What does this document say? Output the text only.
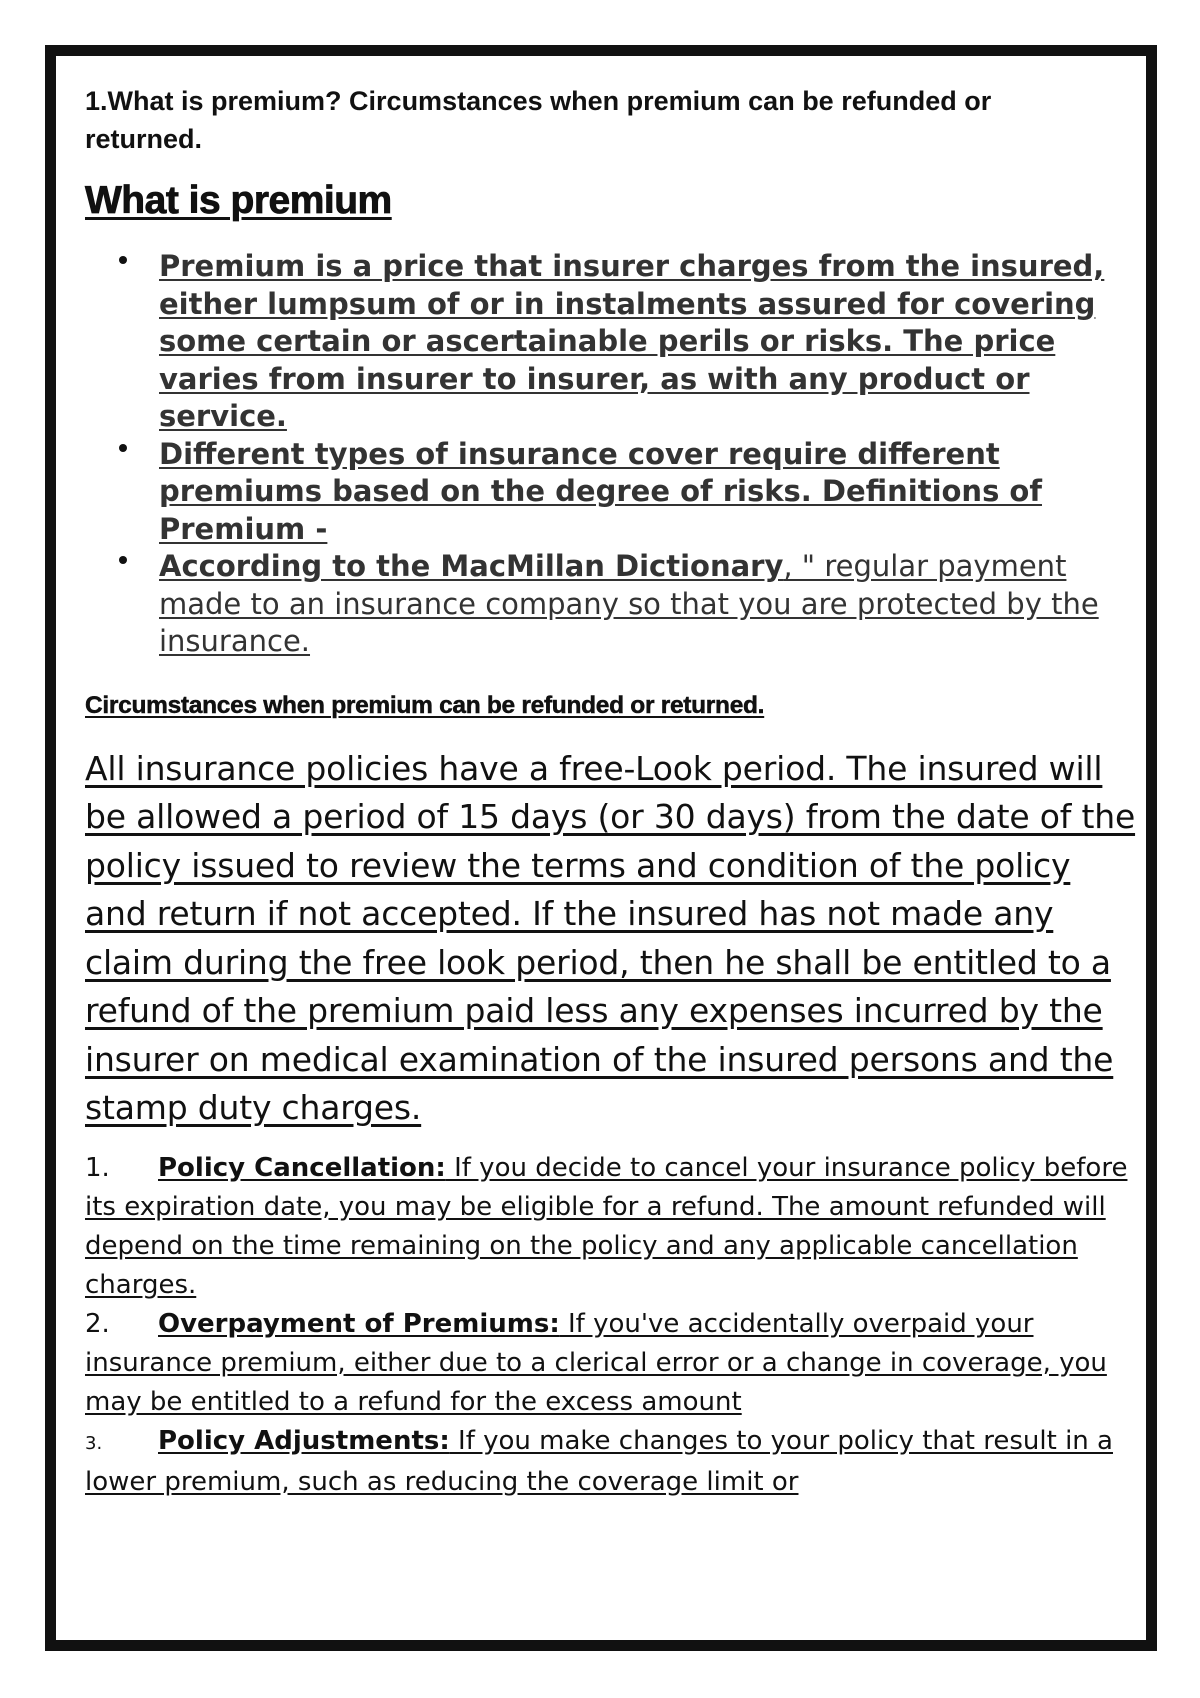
1.What is premium? Circumstances when premium can be refunded or returned.

What is premium
Premium is a price that insurer charges from the insured, either lumpsum of or in instalments assured for covering some certain or ascertainable perils or risks. The price varies from insurer to insurer, as with any product or service.
Different types of insurance cover require different premiums based on the degree of risks. Definitions of Premium -
According to the MacMillan Dictionary, " regular payment made to an insurance company so that you are protected by the insurance.
Circumstances when premium can be refunded or returned.

All insurance policies have a free-Look period. The insured will be allowed a period of 15 days (or 30 days) from the date of the policy issued to review the terms and condition of the policy and return if not accepted. If the insured has not made any claim during the free look period, then he shall be entitled to a refund of the premium paid less any expenses incurred by the insurer on medical examination of the insured persons and the stamp duty charges.

1. Policy Cancellation: If you decide to cancel your insurance policy before its expiration date, you may be eligible for a refund. The amount refunded will depend on the time remaining on the policy and any applicable cancellation charges.

2. Overpayment of Premiums: If you've accidentally overpaid your insurance premium, either due to a clerical error or a change in coverage, you may be entitled to a refund for the excess amount

3. Policy Adjustments: If you make changes to your policy that result in a lower premium, such as reducing the coverage limit or
